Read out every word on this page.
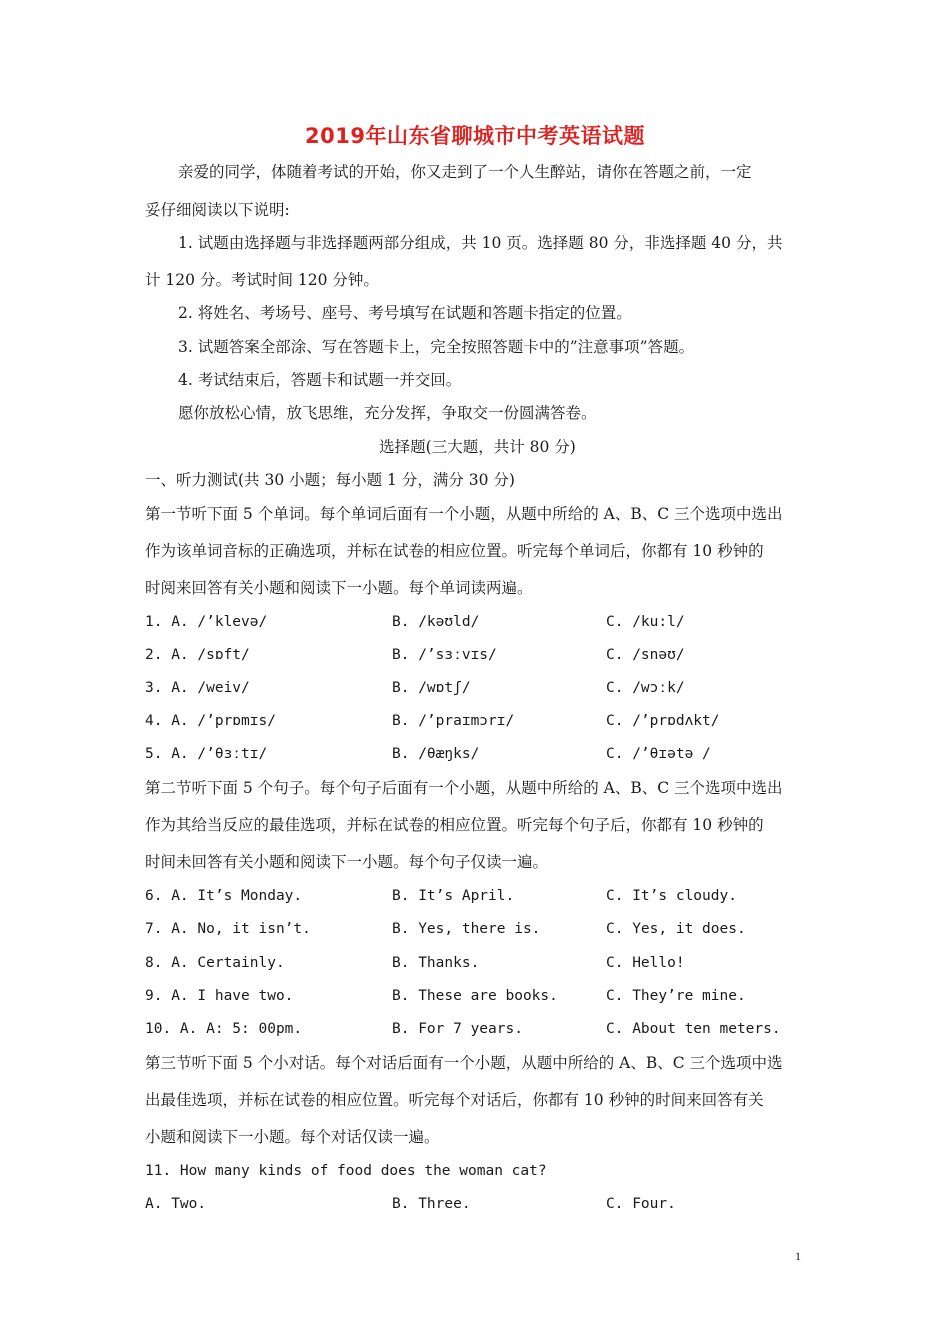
2019年山东省聊城市中考英语试题
亲爱的同学，体随着考试的开始，你又走到了一个人生醉站，请你在答题之前，一定
妥仔细阅读以下说明:
1. 试题由选择题与非选择题两部分组成，共 10 页。选择题 80 分，非选择题 40 分，共
计 120 分。考试时间 120 分钟。
2. 将姓名、考场号、座号、考号填写在试题和答题卡指定的位置。
3. 试题答案全部涂、写在答题卡上，完全按照答题卡中的”注意事项”答题。
4. 考试结束后，答题卡和试题一并交回。
愿你放松心情，放飞思维，充分发挥，争取交一份圆满答卷。
选择题(三大题，共计 80 分)
一、听力测试(共 30 小题；每小题 1 分，满分 30 分)
第一节听下面 5 个单词。每个单词后面有一个小题，从题中所给的 A、B、C 三个选项中选出
作为该单词音标的正确选项，并标在试卷的相应位置。听完每个单词后，你都有 10 秒钟的
时阅来回答有关小题和阅读下一小题。每个单词读两遍。
1. A. /’klevə/	B. /kəʊld/	C. /ku:l/
2. A. /sɒft/	B. /’sɜːvɪs/	C. /snəʊ/
3. A. /weiv/	B. /wɒtʃ/	C. /wɔːk/
4. A. /’prɒmɪs/	B. /’praɪmɔrɪ/	C. /’prɒdʌkt/
5. A. /’θɜːtɪ/	B. /θæŋks/	C. /’θɪətə /
第二节听下面 5 个句子。每个句子后面有一个小题，从题中所给的 A、B、C 三个选项中选出
作为其给当反应的最佳选项，并标在试卷的相应位置。听完每个句子后，你都有 10 秒钟的
时间未回答有关小题和阅读下一小题。每个句子仅读一遍。
6. A. It’s Monday.	B. It’s April.	C. It’s cloudy.
7. A. No, it isn’t.	B. Yes, there is.	C. Yes, it does.
8. A. Certainly.	B. Thanks.	C. Hello!
9. A. I have two.	B. These are books.	C. They’re mine.
10. A. A: 5: 00pm.	B. For 7 years.	C. About ten meters.
第三节听下面 5 个小对话。每个对话后面有一个小题，从题中所给的 A、B、C 三个选项中选
出最佳选项，并标在试卷的相应位置。听完每个对话后，你都有 10 秒钟的时间来回答有关
小题和阅读下一小题。每个对话仅读一遍。
11. How many kinds of food does the woman cat?
A. Two.	B. Three.	C. Four.
1
